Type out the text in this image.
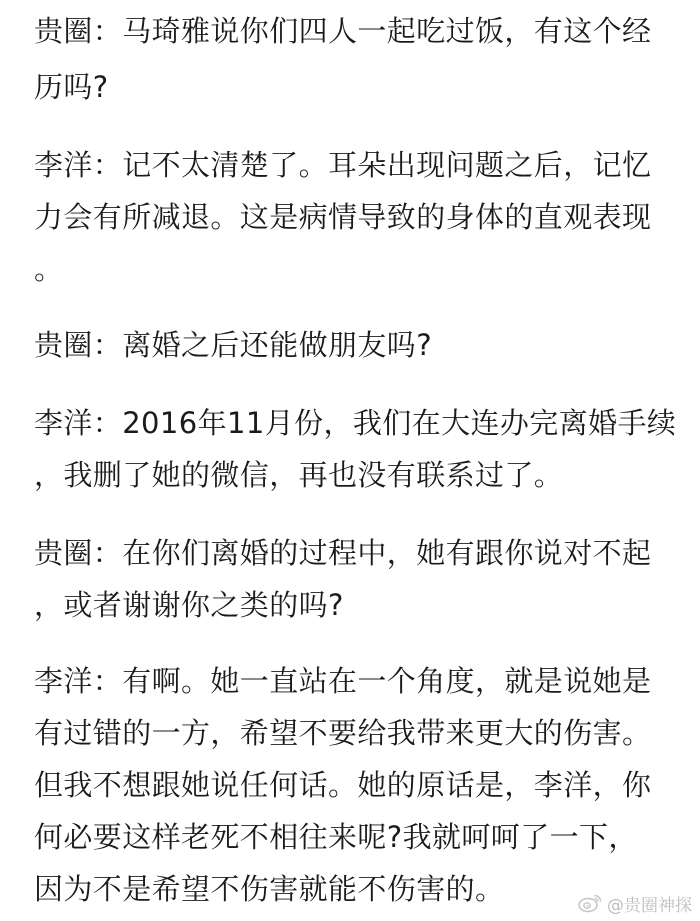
贵圈：马琦雅说你们四人一起吃过饭，有这个经
历吗?
李洋：记不太清楚了。耳朵出现问题之后，记忆
力会有所减退。这是病情导致的身体的直观表现
。
贵圈：离婚之后还能做朋友吗?
李洋：2016年11月份，我们在大连办完离婚手续
，我删了她的微信，再也没有联系过了。
贵圈：在你们离婚的过程中，她有跟你说对不起
，或者谢谢你之类的吗?
李洋：有啊。她一直站在一个角度，就是说她是
有过错的一方，希望不要给我带来更大的伤害。
但我不想跟她说任何话。她的原话是，李洋，你
何必要这样老死不相往来呢?我就呵呵了一下，
因为不是希望不伤害就能不伤害的。	@贵圈神探
